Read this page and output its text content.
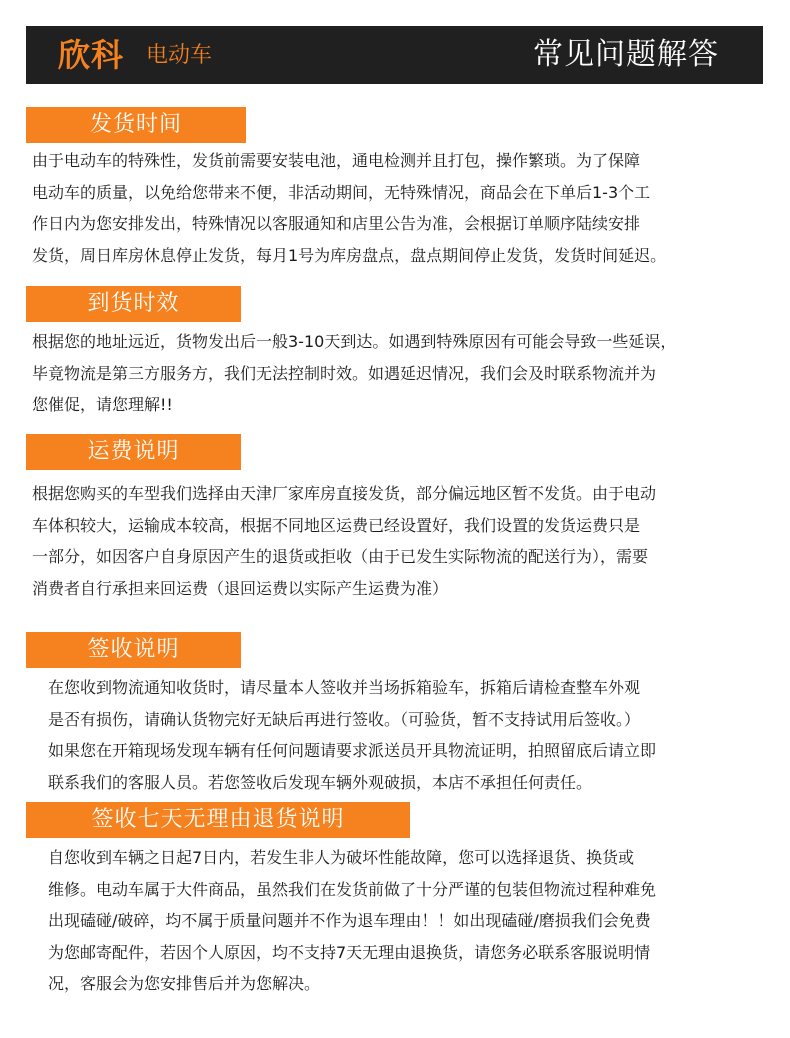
欣科 电动车	常见问题解答
发货时间
由于电动车的特殊性，发货前需要安装电池，通电检测并且打包，操作繁琐。为了保障
电动车的质量，以免给您带来不便，非活动期间，无特殊情况，商品会在下单后1-3个工
作日内为您安排发出，特殊情况以客服通知和店里公告为准，会根据订单顺序陆续安排
发货，周日库房休息停止发货，每月1号为库房盘点，盘点期间停止发货，发货时间延迟。
到货时效
根据您的地址远近，货物发出后一般3-10天到达。如遇到特殊原因有可能会导致一些延误，
毕竟物流是第三方服务方，我们无法控制时效。如遇延迟情况，我们会及时联系物流并为
您催促，请您理解!!
运费说明
根据您购买的车型我们选择由天津厂家库房直接发货，部分偏远地区暂不发货。由于电动
车体积较大，运输成本较高，根据不同地区运费已经设置好，我们设置的发货运费只是
一部分，如因客户自身原因产生的退货或拒收（由于已发生实际物流的配送行为），需要
消费者自行承担来回运费（退回运费以实际产生运费为准）
签收说明
在您收到物流通知收货时，请尽量本人签收并当场拆箱验车，拆箱后请检查整车外观
是否有损伤，请确认货物完好无缺后再进行签收。（可验货，暂不支持试用后签收。）
如果您在开箱现场发现车辆有任何问题请要求派送员开具物流证明，拍照留底后请立即
联系我们的客服人员。若您签收后发现车辆外观破损，本店不承担任何责任。
签收七天无理由退货说明
自您收到车辆之日起7日内，若发生非人为破坏性能故障，您可以选择退货、换货或
维修。电动车属于大件商品，虽然我们在发货前做了十分严谨的包装但物流过程种难免
出现磕碰/破碎，均不属于质量问题并不作为退车理由！！如出现磕碰/磨损我们会免费
为您邮寄配件，若因个人原因，均不支持7天无理由退换货，请您务必联系客服说明情
况，客服会为您安排售后并为您解决。
